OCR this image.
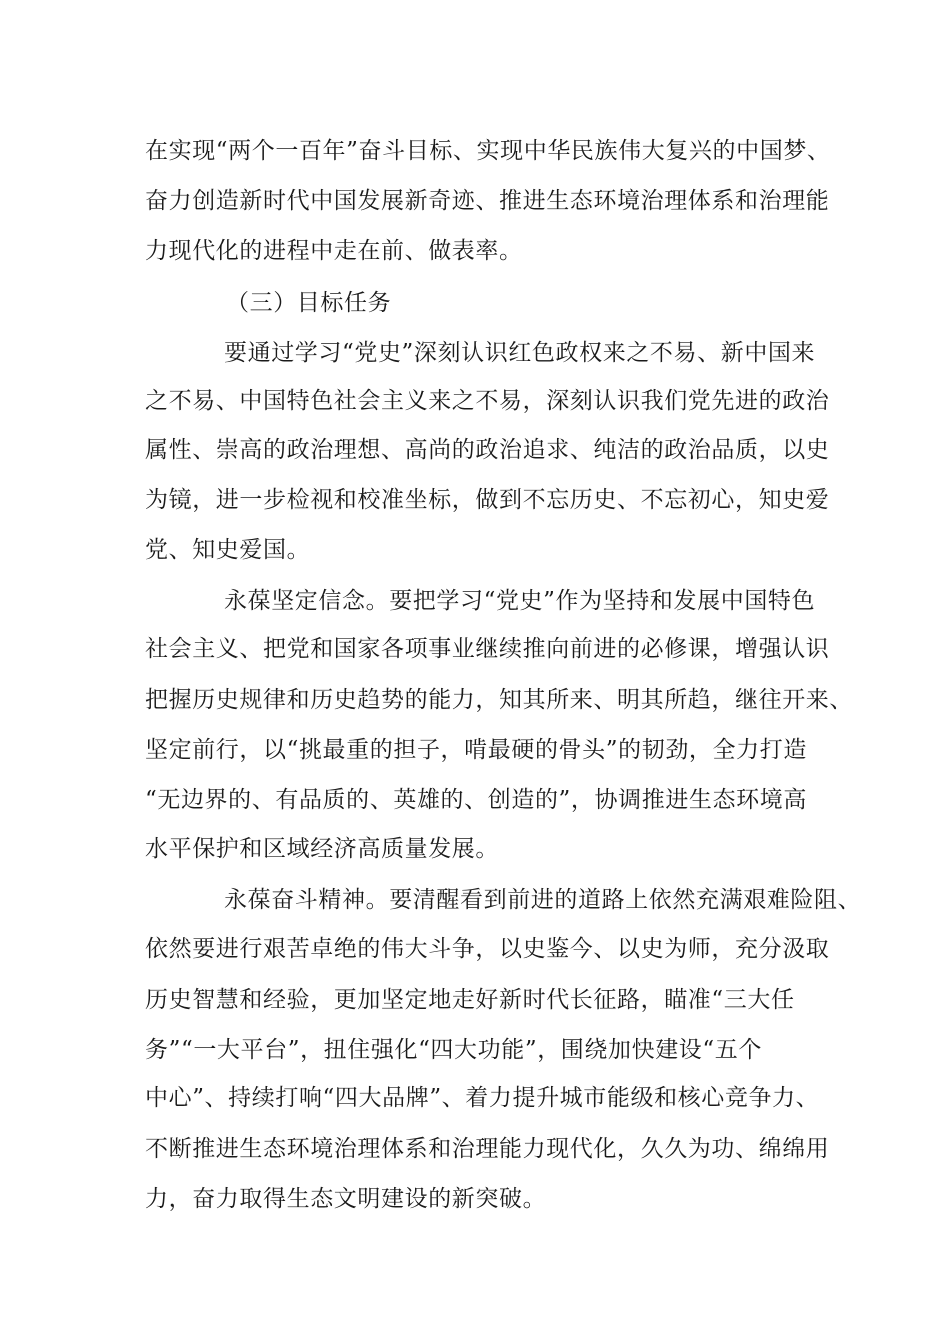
在实现“两个一百年”奋斗目标、实现中华民族伟大复兴的中国梦、
奋力创造新时代中国发展新奇迹、推进生态环境治理体系和治理能
力现代化的进程中走在前、做表率。
（三）目标任务
要通过学习“党史”深刻认识红色政权来之不易、新中国来
之不易、中国特色社会主义来之不易，深刻认识我们党先进的政治
属性、崇高的政治理想、高尚的政治追求、纯洁的政治品质，以史
为镜，进一步检视和校准坐标，做到不忘历史、不忘初心，知史爱
党、知史爱国。
永葆坚定信念。要把学习“党史”作为坚持和发展中国特色
社会主义、把党和国家各项事业继续推向前进的必修课，增强认识
把握历史规律和历史趋势的能力，知其所来、明其所趋，继往开来、
坚定前行，以“挑最重的担子，啃最硬的骨头”的韧劲，全力打造
“无边界的、有品质的、英雄的、创造的”，协调推进生态环境高
水平保护和区域经济高质量发展。
永葆奋斗精神。要清醒看到前进的道路上依然充满艰难险阻、
依然要进行艰苦卓绝的伟大斗争，以史鉴今、以史为师，充分汲取
历史智慧和经验，更加坚定地走好新时代长征路，瞄准“三大任
务”“一大平台”，扭住强化“四大功能”，围绕加快建设“五个
中心”、持续打响“四大品牌”、着力提升城市能级和核心竞争力、
不断推进生态环境治理体系和治理能力现代化，久久为功、绵绵用
力，奋力取得生态文明建设的新突破。
